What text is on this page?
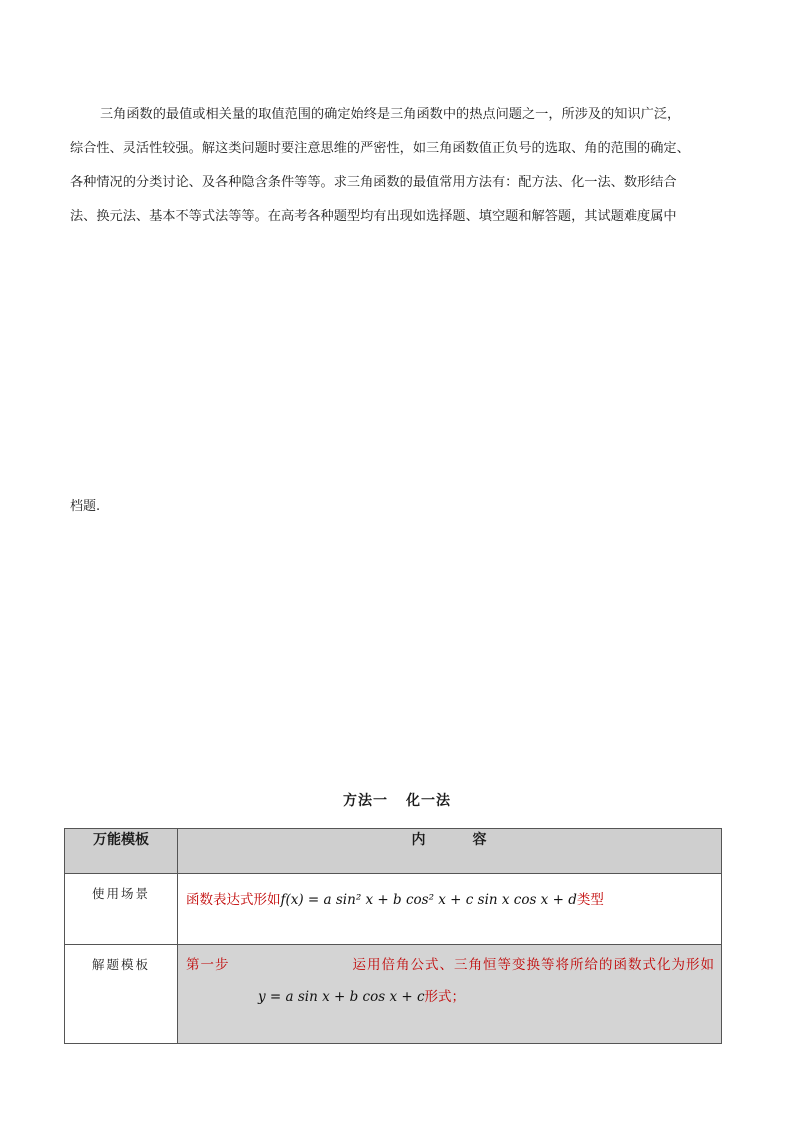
三角函数的最值或相关量的取值范围的确定始终是三角函数中的热点问题之一，所涉及的知识广泛，
综合性、灵活性较强。解这类问题时要注意思维的严密性，如三角函数值正负号的选取、角的范围的确定、
各种情况的分类讨论、及各种隐含条件等等。求三角函数的最值常用方法有：配方法、化一法、数形结合
法、换元法、基本不等式法等等。在高考各种题型均有出现如选择题、填空题和解答题，其试题难度属中

档题.

方法一 化一法
万能模板	内 容
使用场景	函数表达式形如f(x) = a sin² x + b cos² x + c sin x cos x + d类型
解题模板	第一步 运用倍角公式、三角恒等变换等将所给的函数式化为形如
y = a sin x + b cos x + c形式；
